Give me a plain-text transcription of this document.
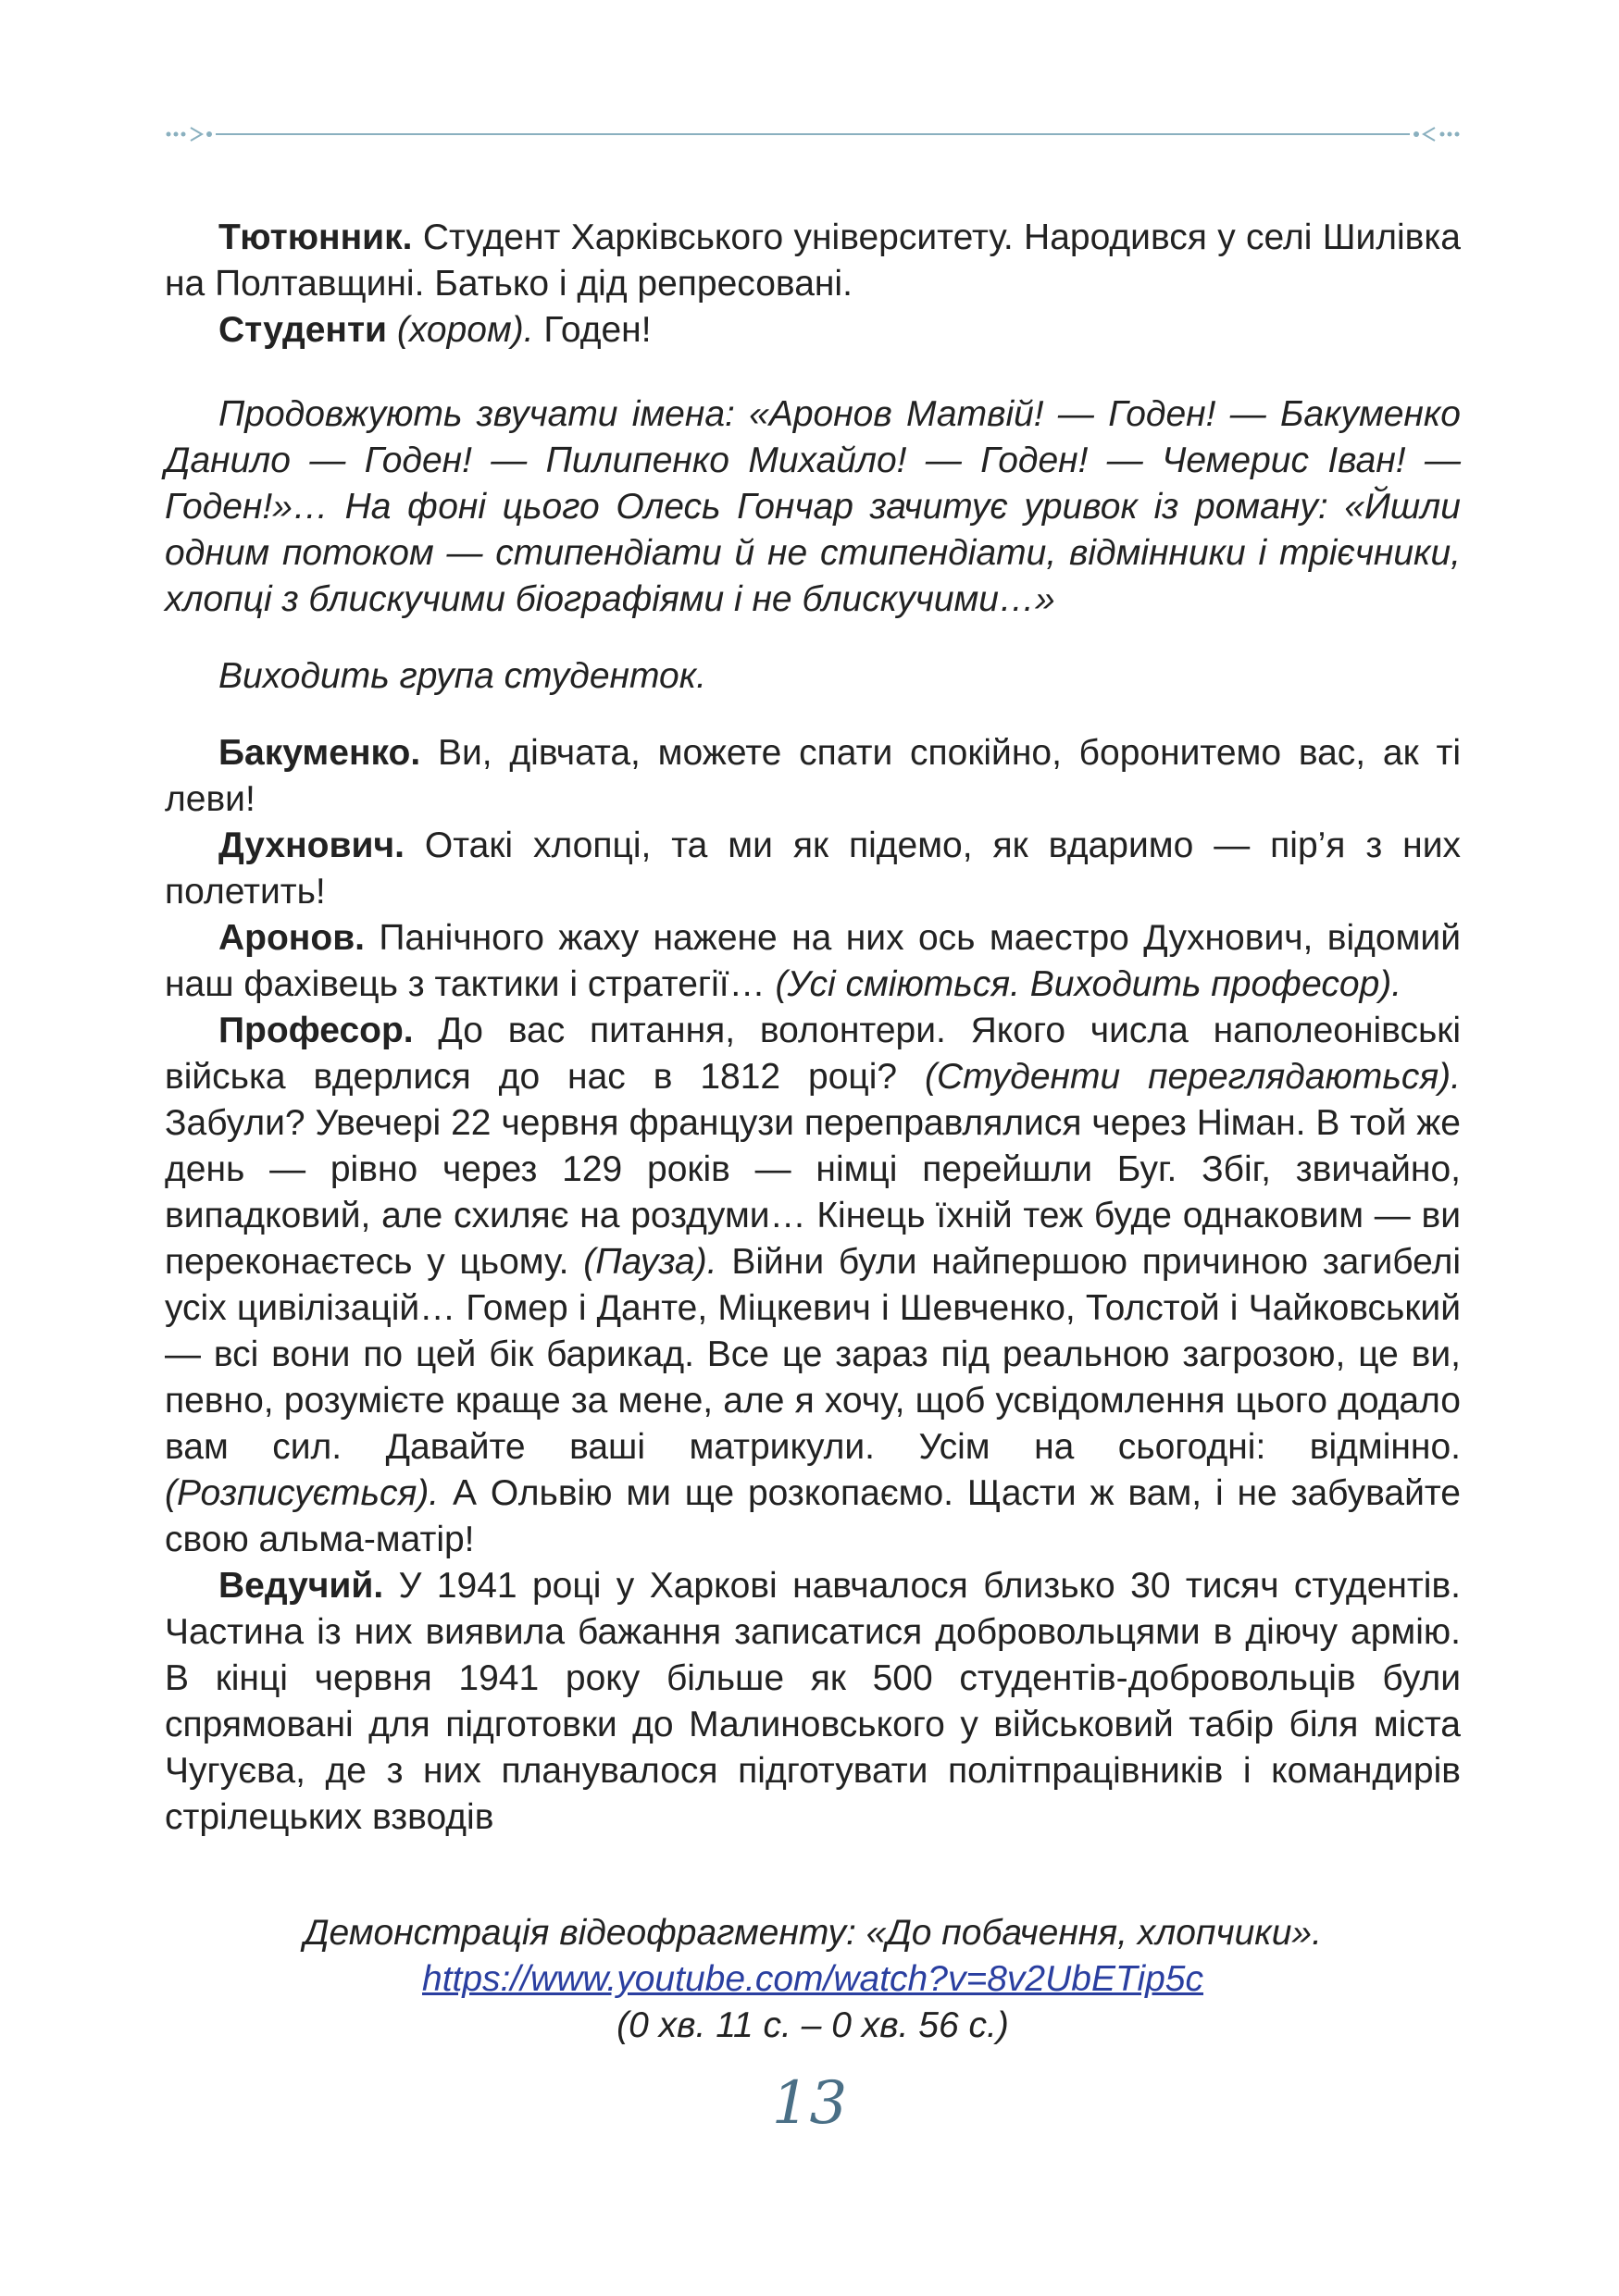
Тютюнник. Студент Харківського університету. Народився у селі Шилівка на Полтавщині. Батько і дід репресовані.

Студенти (хором). Годен!

Продовжують звучати імена: «Аронов Матвій! — Годен! — Бакуменко Данило — Годен! — Пилипенко Михайло! — Годен! — Чемерис Іван! — Годен!»… На фоні цього Олесь Гончар зачитує уривок із роману: «Йшли одним потоком — стипендіати й не стипендіати, відмінники і трієчники, хлопці з блискучими біографіями і не блискучими…»

Виходить група студенток.

Бакуменко. Ви, дівчата, можете спати спокійно, боронитемо вас, ак ті леви!

Духнович. Отакі хлопці, та ми як підемо, як вдаримо — пір’я з них полетить!

Аронов. Панічного жаху нажене на них ось маестро Духнович, відомий наш фахівець з тактики і стратегії… (Усі сміються. Виходить професор).

Професор. До вас питання, волонтери. Якого числа наполеонівські війська вдерлися до нас в 1812 році? (Студенти переглядаються). Забули? Увечері 22 червня французи переправлялися через Німан. В той же день — рівно через 129 років — німці перейшли Буг. Збіг, звичайно, випадковий, але схиляє на роздуми… Кінець їхній теж буде однаковим — ви переконаєтесь у цьому. (Пауза). Війни були найпершою причиною загибелі усіх цивілізацій… Гомер і Данте, Міцкевич і Шевченко, Толстой і Чайковський — всі вони по цей бік барикад. Все це зараз під реальною загрозою, це ви, певно, розумієте краще за мене, але я хочу, щоб усвідомлення цього додало вам сил. Давайте ваші матрикули. Усім на сьогодні: відмінно. (Розписується). А Ольвію ми ще розкопаємо. Щасти ж вам, і не забувайте свою альма-матір!

Ведучий. У 1941 році у Харкові навчалося близько 30 тисяч студентів. Частина із них виявила бажання записатися добровольцями в діючу армію. В кінці червня 1941 року більше як 500 студентів-добровольців були спрямовані для підготовки до Малиновського у військовий табір біля міста Чугуєва, де з них планувалося підготувати політпрацівників і командирів стрілецьких взводів

Демонстрація відеофрагменту: «До побачення, хлопчики».
https://www.youtube.com/watch?v=8v2UbETip5c
(0 хв. 11 с. – 0 хв. 56 с.)
13
